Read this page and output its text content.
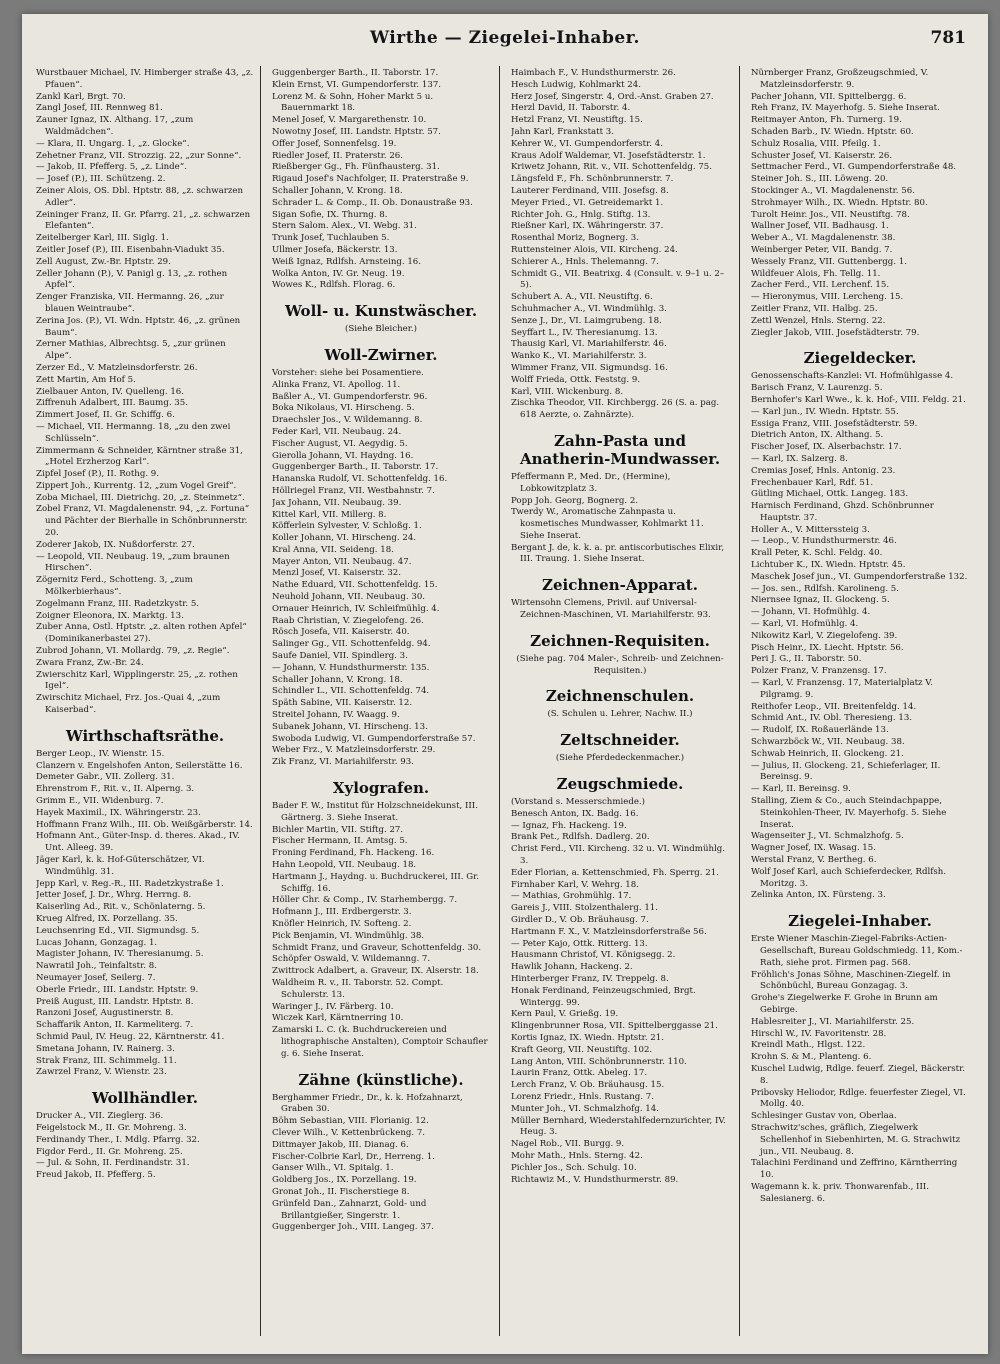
Wirthe — Ziegelei-Inhaber.	781

Wurstbauer Michael, IV. Himberger straße 43, „z. Pfauen“.

Zankl Karl, Brgt. 70.

Zangl Josef, III. Rennweg 81.

Zauner Ignaz, IX. Althang. 17, „zum Waldmädchen“.

— Klara, II. Ungarg. 1, „z. Glocke“.

Zehetner Franz, VII. Strozzig. 22, „zur Sonne“.

— Jakob, II. Pfefferg. 5, „z. Linde“.

— Josef (P.), III. Schützeng. 2.

Zeiner Alois, OS. Dbl. Hptstr. 88, „z. schwarzen Adler“.

Zeininger Franz, II. Gr. Pfarrg. 21, „z. schwarzen Elefanten“.

Zeitelberger Karl, III. Siglg. 1.

Zeitler Josef (P.), III. Eisenbahn-Viadukt 35.

Zell August, Zw.-Br. Hptstr. 29.

Zeller Johann (P.), V. Panigl g. 13, „z. rothen Apfel“.

Zenger Franziska, VII. Hermanng. 26, „zur blauen Weintraube“.

Zerina Jos. (P.), VI. Wdn. Hptstr. 46, „z. grünen Baum“.

Zerner Mathias, Albrechtsg. 5, „zur grünen Alpe“.

Zerzer Ed., V. Matzleinsdorferstr. 26.

Zett Martin, Am Hof 5.

Zielbauer Anton, IV. Quelleng. 16.

Ziffrenuh Adalbert, III. Baumg. 35.

Zimmert Josef, II. Gr. Schiffg. 6.

— Michael, VII. Hermanng. 18, „zu den zwei Schlüsseln“.

Zimmermann & Schneider, Kärntner straße 31, „Hotel Erzherzog Karl“.

Zipfel Josef (P.), II. Rothg. 9.

Zippert Joh., Kurrentg. 12, „zum Vogel Greif“.

Zoba Michael, III. Dietrichg. 20, „z. Steinmetz“.

Zobel Franz, VI. Magdalenenstr. 94, „z. Fortuna“ und Pächter der Bierhalle in Schönbrunnerstr. 20.

Zoderer Jakob, IX. Nußdorferstr. 27.

— Leopold, VII. Neubaug. 19, „zum braunen Hirschen“.

Zögernitz Ferd., Schotteng. 3, „zum Mölkerbierhaus“.

Zogelmann Franz, III. Radetzkystr. 5.

Zoigner Eleonora, IX. Marktg. 13.

Zuber Anna, Ostl. Hptstr. „z. alten rothen Apfel“ (Dominikanerbastei 27).

Zubrod Johann, VI. Mollardg. 79, „z. Regie“.

Zwara Franz, Zw.-Br. 24.

Zwierschitz Karl, Wipplingerstr. 25, „z. rothen Igel“.

Zwirschitz Michael, Frz. Jos.-Quai 4, „zum Kaiserbad“.

Wirthschaftsräthe.

Berger Leop., IV. Wienstr. 15.

Clanzern v. Engelshofen Anton, Seilerstätte 16.

Demeter Gabr., VII. Zollerg. 31.

Ehrenstrom F., Rit. v., II. Alperng. 3.

Grimm E., VII. Widenburg. 7.

Hayek Maximil., IX. Währingerstr. 23.

Hoffmann Franz Wilh., III. Ob. Weißgärberstr. 14.

Hofmann Ant., Güter-Insp. d. theres. Akad., IV. Unt. Alleeg. 39.

Jäger Karl, k. k. Hof-Güterschätzer, VI. Windmühlg. 31.

Jepp Karl, v. Reg.-R., III. Radetzkystraße 1.

Jetter Josef, J. Dr., Whrg. Herrng. 8.

Kaiserling Ad., Rit. v., Schönlaterng. 5.

Krueg Alfred, IX. Porzellang. 35.

Leuchsenring Ed., VII. Sigmundsg. 5.

Lucas Johann, Gonzagag. 1.

Magister Johann, IV. Theresianumg. 5.

Nawratil Joh., Teinfaltstr. 8.

Neumayer Josef, Seilerg. 7.

Oberle Friedr., III. Landstr. Hptstr. 9.

Preiß August, III. Landstr. Hptstr. 8.

Ranzoni Josef, Augustinerstr. 8.

Schaffarik Anton, II. Karmeliterg. 7.

Schmid Paul, IV. Heug. 22, Kärntnerstr. 41.

Smetana Johann, IV. Rainerg. 3.

Strak Franz, III. Schimmelg. 11.

Zawrzel Franz, V. Wienstr. 23.

Wollhändler.

Drucker A., VII. Zieglerg. 36.

Feigelstock M., II. Gr. Mohreng. 3.

Ferdinandy Ther., I. Mdlg. Pfarrg. 32.

Figdor Ferd., II. Gr. Mohreng. 25.

— Jul. & Sohn, II. Ferdinandstr. 31.

Freud Jakob, II. Pfefferg. 5.

Guggenberger Barth., II. Taborstr. 17.

Klein Ernst, VI. Gumpendorferstr. 137.

Lorenz M. & Sohn, Hoher Markt 5 u. Bauernmarkt 18.

Menel Josef, V. Margarethenstr. 10.

Nowotny Josef, III. Landstr. Hptstr. 57.

Offer Josef, Sonnenfelsg. 19.

Riedler Josef, II. Praterstr. 26.

Rießberger Gg., Fh. Fünfhausterg. 31.

Rigaud Josef's Nachfolger, II. Praterstraße 9.

Schaller Johann, V. Krong. 18.

Schrader L. & Comp., II. Ob. Donaustraße 93.

Sigan Sofie, IX. Thurng. 8.

Stern Salom. Alex., VI. Webg. 31.

Trunk Josef, Tuchlauben 5.

Ullmer Josefa, Bäckerstr. 13.

Weiß Ignaz, Rdlfsh. Arnsteing. 16.

Wolka Anton, IV. Gr. Neug. 19.

Wowes K., Rdlfsh. Florag. 6.

Woll- u. Kunstwäscher.
(Siehe Bleicher.)
Woll-Zwirner.

Vorsteher: siehe bei Posamentiere.

Alinka Franz, VI. Apollog. 11.

Baßler A., VI. Gumpendorferstr. 96.

Boka Nikolaus, VI. Hirscheng. 5.

Draechsler Jos., V. Wildemanng. 8.

Feder Karl, VII. Neubaug. 24.

Fischer August, VI. Aegydig. 5.

Gierolla Johann, VI. Haydng. 16.

Guggenberger Barth., II. Taborstr. 17.

Hananska Rudolf, VI. Schottenfeldg. 16.

Höllriegel Franz, VII. Westbahnstr. 7.

Jax Johann, VII. Neubaug. 39.

Kittel Karl, VII. Millerg. 8.

Köfferlein Sylvester, V. Schloßg. 1.

Koller Johann, VI. Hirscheng. 24.

Kral Anna, VII. Seideng. 18.

Mayer Anton, VII. Neubaug. 47.

Menzl Josef, VI. Kaiserstr. 32.

Nathe Eduard, VII. Schottenfeldg. 15.

Neuhold Johann, VII. Neubaug. 30.

Ornauer Heinrich, IV. Schleifmühlg. 4.

Raab Christian, V. Ziegelofeng. 26.

Rösch Josefa, VII. Kaiserstr. 40.

Salinger Gg., VII. Schottenfeldg. 94.

Saufe Daniel, VII. Spindlerg. 3.

— Johann, V. Hundsthurmerstr. 135.

Schaller Johann, V. Krong. 18.

Schindler L., VII. Schottenfeldg. 74.

Späth Sabine, VII. Kaiserstr. 12.

Streitel Johann, IV. Waagg. 9.

Subanek Johann, VI. Hirscheng. 13.

Swoboda Ludwig, VI. Gumpendorferstraße 57.

Weber Frz., V. Matzleinsdorferstr. 29.

Zik Franz, VI. Mariahilferstr. 93.

Xylografen.

Bader F. W., Institut für Holzschneidekunst, III. Gärtnerg. 3. Siehe Inserat.

Bichler Martin, VII. Stiftg. 27.

Fischer Hermann, II. Amtsg. 5.

Froning Ferdinand, Fh. Hackeng. 16.

Hahn Leopold, VII. Neubaug. 18.

Hartmann J., Haydng. u. Buchdruckerei, III. Gr. Schiffg. 16.

Höller Chr. & Comp., IV. Starhembergg. 7.

Hofmann J., III. Erdbergerstr. 3.

Knöfler Heinrich, IV. Softeng. 2.

Pick Benjamin, VI. Windmühlg. 38.

Schmidt Franz, und Graveur, Schottenfeldg. 30.

Schöpfer Oswald, V. Wildemanng. 7.

Zwittrock Adalbert, a. Graveur, IX. Alserstr. 18.

Waldheim R. v., II. Taborstr. 52. Compt. Schulerstr. 13.

Waringer J., IV. Färberg. 10.

Wiczek Karl, Kärntnerring 10.

Zamarski L. C. (k. Buchdruckereien und lithographische Anstalten), Comptoir Schaufler g. 6. Siehe Inserat.

Zähne (künstliche).

Berghammer Friedr., Dr., k. k. Hofzahnarzt, Graben 30.

Böhm Sebastian, VIII. Florianig. 12.

Clever Wilh., V. Kettenbrückeng. 7.

Dittmayer Jakob, III. Dianag. 6.

Fischer-Colbrie Karl, Dr., Herreng. 1.

Ganser Wilh., VI. Spitalg. 1.

Goldberg Jos., IX. Porzellang. 19.

Gronat Joh., II. Fischerstiege 8.

Grünfeld Dan., Zahnarzt, Gold- und Brillantgießer, Singerstr. 1.

Guggenberger Joh., VIII. Langeg. 37.

Haimbach F., V. Hundsthurmerstr. 26.

Hesch Ludwig, Kohlmarkt 24.

Herz Josef, Singerstr. 4, Ord.-Anst. Graben 27.

Herzl David, II. Taborstr. 4.

Hetzl Franz, VI. Neustiftg. 15.

Jahn Karl, Frankstatt 3.

Kehrer W., VI. Gumpendorferstr. 4.

Kraus Adolf Waldemar, VI. Josefstädterstr. 1.

Kriwetz Johann, Rit. v., VII. Schottenfeldg. 75.

Längsfeld F., Fh. Schönbrunnerstr. 7.

Lauterer Ferdinand, VIII. Josefsg. 8.

Meyer Fried., VI. Getreidemarkt 1.

Richter Joh. G., Hnlg. Stiftg. 13.

Rießner Karl, IX. Währingerstr. 37.

Rosenthal Moriz, Bognerg. 3.

Ruttensteiner Alois, VII. Kircheng. 24.

Schierer A., Hnls. Thelemanng. 7.

Schmidt G., VII. Beatrixg. 4 (Consult. v. 9–1 u. 2–5).

Schubert A. A., VII. Neustiftg. 6.

Schuhmacher A., VI. Windmühlg. 3.

Senze J., Dr., VI. Laimgrubeng. 18.

Seyffart L., IV. Theresianumg. 13.

Thausig Karl, VI. Mariahilferstr. 46.

Wanko K., VI. Mariahilferstr. 3.

Wimmer Franz, VII. Sigmundsg. 16.

Wolff Frieda, Ottk. Feststg. 9.

Karl, VIII. Wickenburg. 8.

Zischka Theodor, VII. Kirchbergg. 26 (S. a. pag. 618 Aerzte, o. Zahnärzte).

Zahn-Pasta und Anatherin-Mundwasser.

Pfeffermann P., Med. Dr., (Hermine), Lobkowitzplatz 3.

Popp Joh. Georg, Bognerg. 2.

Twerdy W., Aromatische Zahnpasta u. kosmetisches Mundwasser, Kohlmarkt 11. Siehe Inserat.

Bergant J. de, k. k. a. pr. antiscorbutisches Elixir, III. Traung. 1. Siehe Inserat.

Zeichnen-Apparat.

Wirtensohn Clemens, Privil. auf Universal-Zeichnen-Maschinen, VI. Mariahilferstr. 93.

Zeichnen-Requisiten.
(Siehe pag. 704 Maler-, Schreib- und Zeichnen-Requisiten.)
Zeichnenschulen.
(S. Schulen u. Lehrer, Nachw. II.)
Zeltschneider.
(Siehe Pferdedeckenmacher.)
Zeugschmiede.

(Vorstand s. Messerschmiede.)

Benesch Anton, IX. Badg. 16.

— Ignaz, Fh. Hackeng. 19.

Brank Pet., Rdlfsh. Dadlerg. 20.

Christ Ferd., VII. Kircheng. 32 u. VI. Windmühlg. 3.

Eder Florian, a. Kettenschmied, Fh. Sperrg. 21.

Firnhaber Karl, V. Wehrg. 18.

— Mathias, Grohmühlg. 17.

Gareis J., VIII. Stolzenthalerg. 11.

Girdler D., V. Ob. Bräuhausg. 7.

Hartmann F. X., V. Matzleinsdorferstraße 56.

— Peter Kajo, Ottk. Ritterg. 13.

Hausmann Christof, VI. Königsegg. 2.

Hawlik Johann, Hackeng. 2.

Hinterberger Franz, IV. Treppelg. 8.

Honak Ferdinand, Feinzeugschmied, Brgt. Wintergg. 99.

Kern Paul, V. Grießg. 19.

Klingenbrunner Rosa, VII. Spittelberggasse 21.

Kortis Ignaz, IX. Wiedn. Hptstr. 21.

Kraft Georg, VII. Neustiftg. 102.

Lang Anton, VIII. Schönbrunnerstr. 110.

Laurin Franz, Ottk. Abeleg. 17.

Lerch Franz, V. Ob. Bräuhausg. 15.

Lorenz Friedr., Hnls. Rustang. 7.

Munter Joh., VI. Schmalzhofg. 14.

Müller Bernhard, Wiederstahlfedernzurichter, IV. Heug. 3.

Nagel Rob., VII. Burgg. 9.

Mohr Math., Hnls. Sterng. 42.

Pichler Jos., Sch. Schulg. 10.

Richtawiz M., V. Hundsthurmerstr. 89.

Nürnberger Franz, Großzeugschmied, V. Matzleinsdorferstr. 9.

Pacher Johann, VII. Spittelbergg. 6.

Reh Franz, IV. Mayerhofg. 5. Siehe Inserat.

Reitmayer Anton, Fh. Turnerg. 19.

Schaden Barb., IV. Wiedn. Hptstr. 60.

Schulz Rosalia, VIII. Pfeilg. 1.

Schuster Josef, VI. Kaiserstr. 26.

Settmacher Ferd., VI. Gumpendorferstraße 48.

Steiner Joh. S., III. Löweng. 20.

Stockinger A., VI. Magdalenenstr. 56.

Strohmayer Wilh., IX. Wiedn. Hptstr. 80.

Turolt Heinr. Jos., VII. Neustiftg. 78.

Wallner Josef, VII. Badhausg. 1.

Weber A., VI. Magdalenenstr. 38.

Weinberger Peter, VII. Bandg. 7.

Wessely Franz, VII. Guttenbergg. 1.

Wildfeuer Alois, Fh. Tellg. 11.

Zacher Ferd., VII. Lerchenf. 15.

— Hieronymus, VIII. Lercheng. 15.

Zeitler Franz, VII. Halbg. 25.

Zettl Wenzel, Hnls. Sterng. 22.

Ziegler Jakob, VIII. Josefstädterstr. 79.

Ziegeldecker.

Genossenschafts-Kanzlei: VI. Hofmühlgasse 4.

Barisch Franz, V. Laurenzg. 5.

Bernhofer's Karl Wwe., k. k. Hof-, VIII. Feldg. 21.

— Karl jun., IV. Wiedn. Hptstr. 55.

Essiga Franz, VIII. Josefstädterstr. 59.

Dietrich Anton, IX. Althang. 5.

Fischer Josef, IX. Alserbachstr. 17.

— Karl, IX. Salzerg. 8.

Cremias Josef, Hnls. Antonig. 23.

Frechenbauer Karl, Rdf. 51.

Gütling Michael, Ottk. Langeg. 183.

Harnisch Ferdinand, Ghzd. Schönbrunner Hauptstr. 37.

Holler A., V. Mitterssteig 3.

— Leop., V. Hundsthurmerstr. 46.

Krall Peter, K. Schl. Feldg. 40.

Lichtuber K., IX. Wiedn. Hptstr. 45.

Maschek Josef jun., VI. Gumpendorferstraße 132.

— Jos. sen., Rdlfsh. Karolineng. 5.

Niernsee Ignaz, II. Glockeng. 5.

— Johann, VI. Hofmühlg. 4.

— Karl, VI. Hofmühlg. 4.

Nikowitz Karl, V. Ziegelofeng. 39.

Pisch Heinr., IX. Liecht. Hptstr. 56.

Peri J. G., II. Taborstr. 50.

Polzer Franz, V. Franzensg. 17.

— Karl, V. Franzensg. 17, Materialplatz V. Pilgramg. 9.

Reithofer Leop., VII. Breitenfeldg. 14.

Schmid Ant., IV. Obl. Theresieng. 13.

— Rudolf, IX. Roßauerlände 13.

Schwarzböck W., VII. Neubaug. 38.

Schwab Heinrich, II. Glockeng. 21.

— Julius, II. Glockeng. 21, Schieferlager, II. Bereinsg. 9.

— Karl, II. Bereinsg. 9.

Stalling, Ziem & Co., auch Steindachpappe, Steinkohlen-Theer, IV. Mayerhofg. 5. Siehe Inserat.

Wagenseiter J., VI. Schmalzhofg. 5.

Wagner Josef, IX. Wasag. 15.

Werstal Franz, V. Bertheg. 6.

Wolf Josef Karl, auch Schieferdecker, Rdlfsh. Moritzg. 3.

Zelinka Anton, IX. Fürsteng. 3.

Ziegelei-Inhaber.

Erste Wiener Maschin-Ziegel-Fabriks-Actien-Gesellschaft, Bureau Goldschmiedg. 11, Kom.-Rath, siehe prot. Firmen pag. 568.

Fröhlich's Jonas Söhne, Maschinen-Ziegelf. in Schönbüchl, Bureau Gonzagag. 3.

Grohe's Ziegelwerke F. Grohe in Brunn am Gebirge.

Hablesreiter J., VI. Mariahilferstr. 25.

Hirschl W., IV. Favoritenstr. 28.

Kreindl Math., Hlgst. 122.

Krohn S. & M., Planteng. 6.

Kuschel Ludwig, Rdlge. feuerf. Ziegel, Bäckerstr. 8.

Pribovsky Heliodor, Rdlge. feuerfester Ziegel, VI. Mollg. 40.

Schlesinger Gustav von, Oberlaa.

Strachwitz'sches, gräflich, Ziegelwerk Schellenhof in Siebenhirten, M. G. Strachwitz jun., VII. Neubaug. 8.

Talachini Ferdinand und Zeffrino, Kärntherring 10.

Wagemann k. k. priv. Thonwarenfab., III. Salesianerg. 6.
